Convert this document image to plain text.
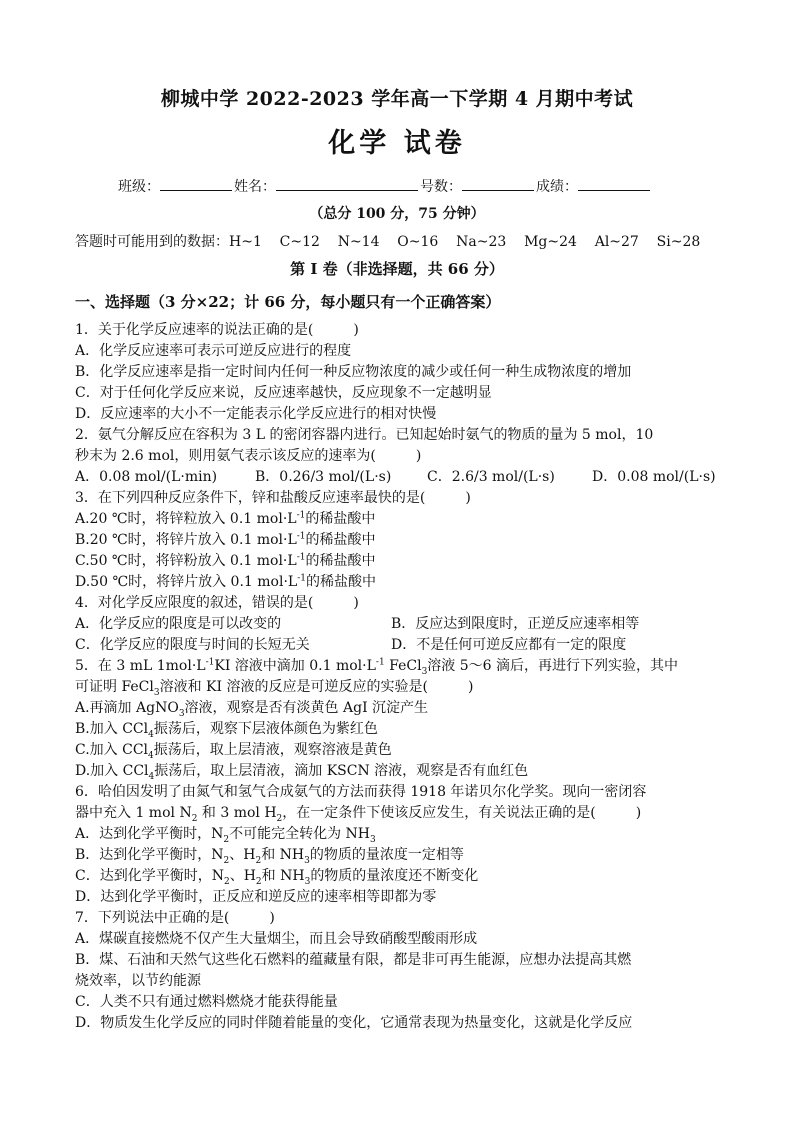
柳城中学 2022-2023 学年高一下学期 4 月期中考试
化学 试卷
班级：	姓名：	号数：	成绩：
（总分 100 分，75 分钟）
答题时可能用到的数据：H~1    C~12    N~14    O~16    Na~23    Mg~24    Al~27    Si~28
第 I 卷（非选择题，共 66 分）
一、选择题（3 分×22；计 66 分，每小题只有一个正确答案）
1．关于化学反应速率的说法正确的是(         )
A．化学反应速率可表示可逆反应进行的程度
B．化学反应速率是指一定时间内任何一种反应物浓度的减少或任何一种生成物浓度的增加
C．对于任何化学反应来说，反应速率越快，反应现象不一定越明显
D．反应速率的大小不一定能表示化学反应进行的相对快慢
2．氨气分解反应在容积为 3 L 的密闭容器内进行。已知起始时氨气的物质的量为 5 mol，10
秒末为 2.6 mol，则用氨气表示该反应的速率为(         )
A．0.08 mol/(L·min)	B．0.26/3 mol/(L·s)	C．2.6/3 mol/(L·s)	D．0.08 mol/(L·s)
3．在下列四种反应条件下，锌和盐酸反应速率最快的是(         )
A.20 ℃时，将锌粒放入 0.1 $mol\cdot L^{-1}$的稀盐酸中
B.20 ℃时，将锌片放入 0.1 $mol\cdot L^{-1}$的稀盐酸中
C.50 ℃时，将锌粉放入 0.1 $mol\cdot L^{-1}$的稀盐酸中
D.50 ℃时，将锌片放入 0.1 $mol\cdot L^{-1}$的稀盐酸中
4．对化学反应限度的叙述，错误的是(         )
A．化学反应的限度是可以改变的	B．反应达到限度时，正逆反应速率相等
C．化学反应的限度与时间的长短无关	D．不是任何可逆反应都有一定的限度
5．在 3 mL $1mol\cdot L^{-1}KI$ 溶液中滴加 0.1 $mol\cdot L^{-1}$ FeCl$_3$溶液 5～6 滴后，再进行下列实验，其中
可证明 FeCl$_3$溶液和 KI 溶液的反应是可逆反应的实验是(         )
A.再滴加 AgNO$_3$溶液，观察是否有淡黄色 AgI 沉淀产生
B.加入 CCl$_4$振荡后，观察下层液体颜色为紫红色
C.加入 CCl$_4$振荡后，取上层清液，观察溶液是黄色
D.加入 CCl$_4$振荡后，取上层清液，滴加 KSCN 溶液，观察是否有血红色
6．哈伯因发明了由氮气和氢气合成氨气的方法而获得 1918 年诺贝尔化学奖。现向一密闭容
器中充入 1 mol $N_2$ 和 3 mol $H_2$，在一定条件下使该反应发生，有关说法正确的是(         )
A．达到化学平衡时，$N_2$不可能完全转化为 $NH_3$
B．达到化学平衡时，$N_2$、$H_2$和 $NH_3$的物质的量浓度一定相等
C．达到化学平衡时，$N_2$、$H_2$和 $NH_3$的物质的量浓度还不断变化
D．达到化学平衡时，正反应和逆反应的速率相等即都为零
7．下列说法中正确的是(         )
A．煤碳直接燃烧不仅产生大量烟尘，而且会导致硝酸型酸雨形成
B．煤、石油和天然气这些化石燃料的蕴藏量有限，都是非可再生能源，应想办法提高其燃
烧效率，以节约能源
C．人类不只有通过燃料燃烧才能获得能量
D．物质发生化学反应的同时伴随着能量的变化，它通常表现为热量变化，这就是化学反应
